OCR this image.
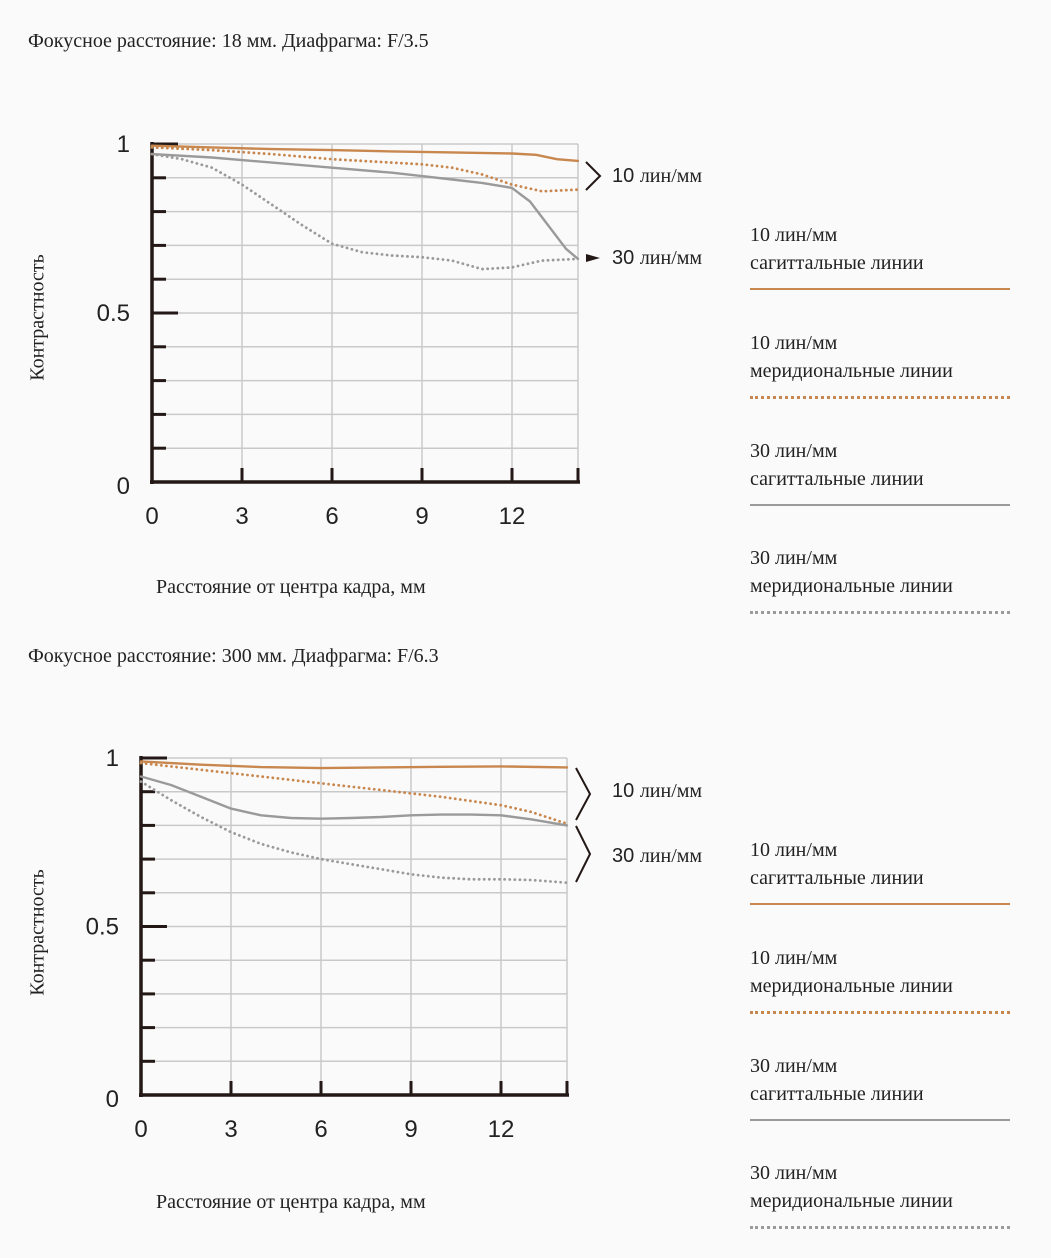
Фокусное расстояние: 18 мм. Диафрагма: F/3.5
0	3	6	9	12
0
0.5
1
10 лин/мм
30 лин/мм
Контрастность
Расстояние от центра кадра, мм
10 лин/мм
сагиттальные линии
10 лин/мм
меридиональные линии
30 лин/мм
сагиттальные линии
30 лин/мм
меридиональные линии
Фокусное расстояние: 300 мм. Диафрагма: F/6.3
0	3	6	9	12
0
0.5
1
10 лин/мм
30 лин/мм
Контрастность
Расстояние от центра кадра, мм
10 лин/мм
сагиттальные линии
10 лин/мм
меридиональные линии
30 лин/мм
сагиттальные линии
30 лин/мм
меридиональные линии
